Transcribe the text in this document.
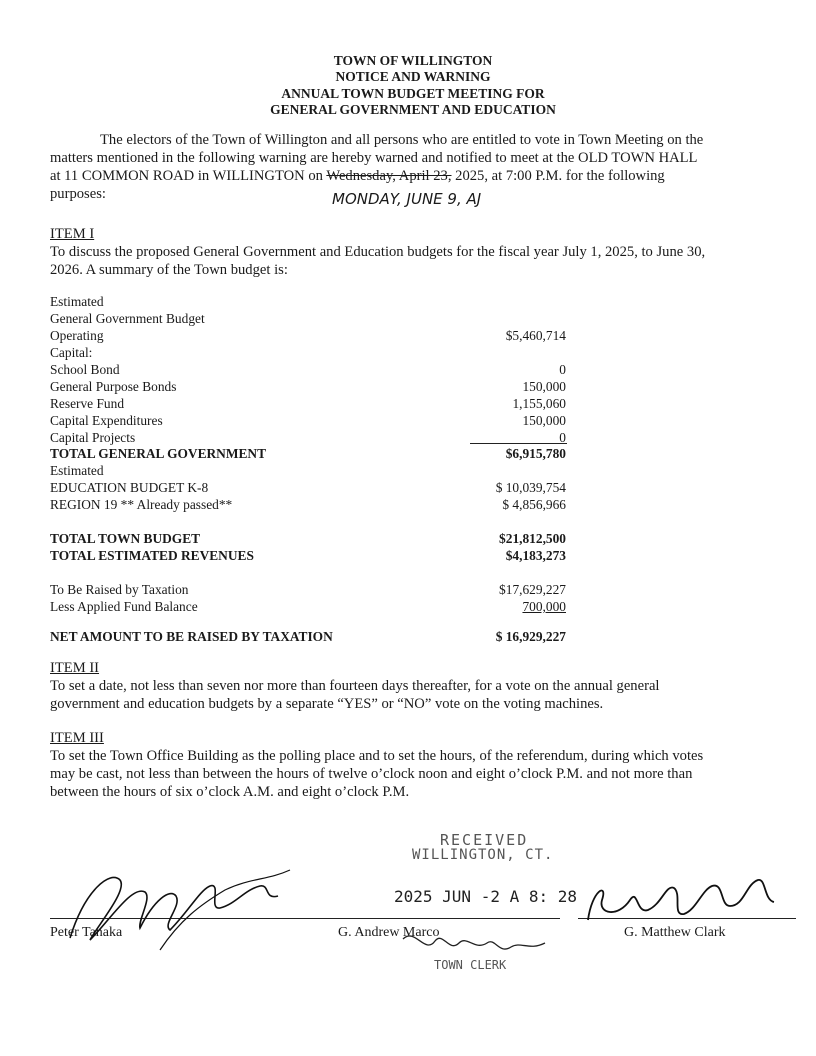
TOWN OF WILLINGTON
NOTICE AND WARNING
ANNUAL TOWN BUDGET MEETING FOR
GENERAL GOVERNMENT AND EDUCATION
The electors of the Town of Willington and all persons who are entitled to vote in Town Meeting on the
matters mentioned in the following warning are hereby warned and notified to meet at the OLD TOWN HALL
at 11 COMMON ROAD in WILLINGTON on Wednesday, April 23, 2025, at 7:00 P.M. for the following
purposes:	MONDAY, JUNE 9, AJ
ITEM I
To discuss the proposed General Government and Education budgets for the fiscal year July 1, 2025, to June 30,
2026. A summary of the Town budget is:
Estimated
General Government Budget
Operating	$5,460,714
Capital:
School Bond	0
General Purpose Bonds	150,000
Reserve Fund	1,155,060
Capital Expenditures	150,000
Capital Projects	0
TOTAL GENERAL GOVERNMENT	$6,915,780
Estimated
EDUCATION BUDGET K-8	$ 10,039,754
REGION 19 ** Already passed**	$ 4,856,966
TOTAL TOWN BUDGET	$21,812,500
TOTAL ESTIMATED REVENUES	$4,183,273
To Be Raised by Taxation	$17,629,227
Less Applied Fund Balance	700,000
NET AMOUNT TO BE RAISED BY TAXATION	$ 16,929,227
ITEM II
To set a date, not less than seven nor more than fourteen days thereafter, for a vote on the annual general
government and education budgets by a separate “YES” or “NO” vote on the voting machines.
ITEM III
To set the Town Office Building as the polling place and to set the hours, of the referendum, during which votes
may be cast, not less than between the hours of twelve o’clock noon and eight o’clock P.M. and not more than
between the hours of six o’clock A.M. and eight o’clock P.M.
RECEIVED
WILLINGTON, CT.
2025 JUN -2 A 8: 28
TOWN CLERK
Peter Tanaka	G. Andrew Marco	G. Matthew Clark
